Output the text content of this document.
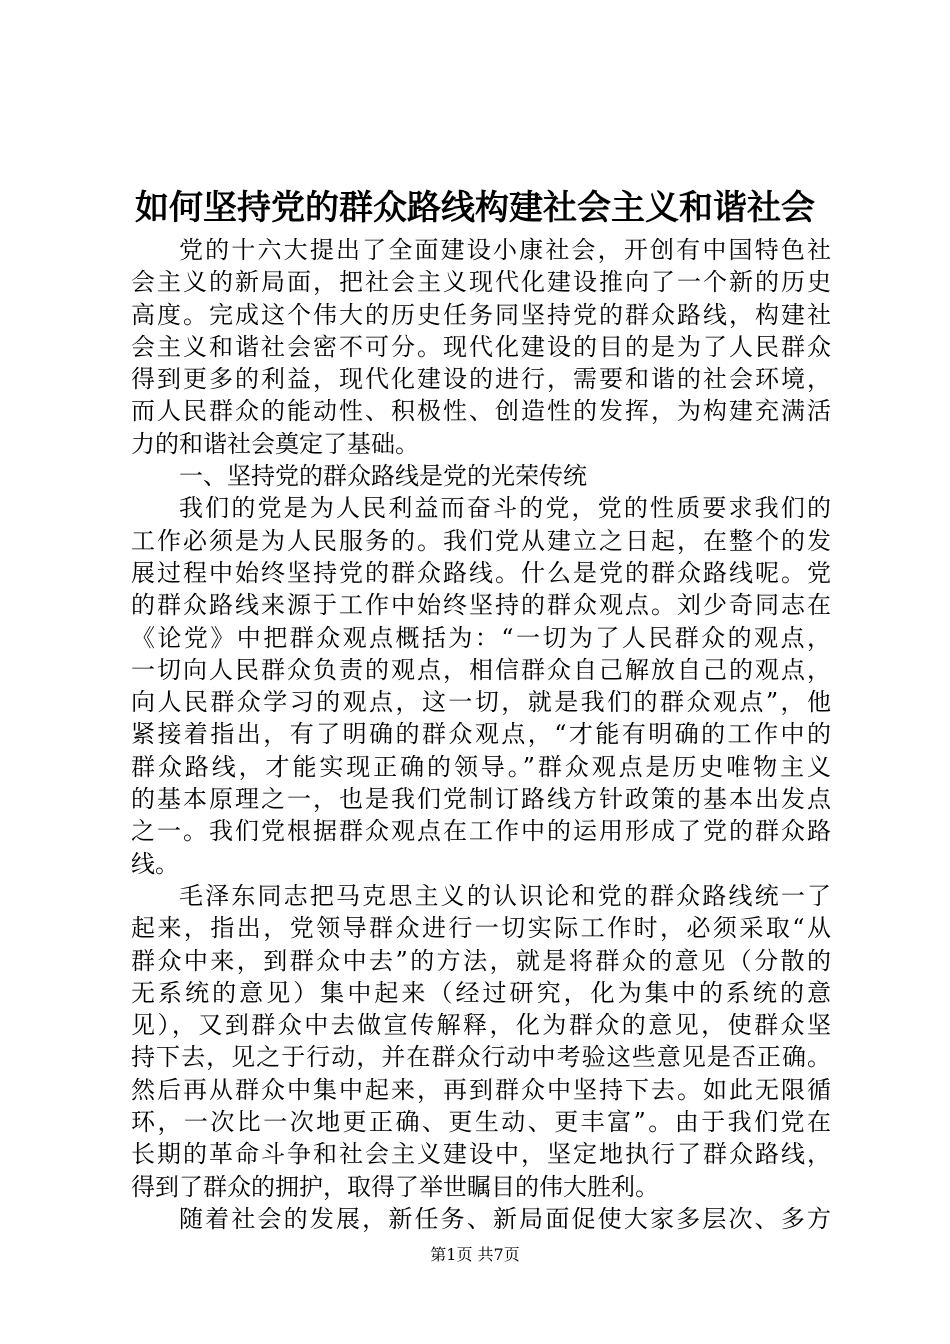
如何坚持党的群众路线构建社会主义和谐社会
党的十六大提出了全面建设小康社会，开创有中国特色社
会主义的新局面，把社会主义现代化建设推向了一个新的历史
高度。完成这个伟大的历史任务同坚持党的群众路线，构建社
会主义和谐社会密不可分。现代化建设的目的是为了人民群众
得到更多的利益，现代化建设的进行，需要和谐的社会环境，
而人民群众的能动性、积极性、创造性的发挥，为构建充满活
力的和谐社会奠定了基础。
一、坚持党的群众路线是党的光荣传统
我们的党是为人民利益而奋斗的党，党的性质要求我们的
工作必须是为人民服务的。我们党从建立之日起，在整个的发
展过程中始终坚持党的群众路线。什么是党的群众路线呢。党
的群众路线来源于工作中始终坚持的群众观点。刘少奇同志在
《论党》中把群众观点概括为：“一切为了人民群众的观点，
一切向人民群众负责的观点，相信群众自己解放自己的观点，
向人民群众学习的观点，这一切，就是我们的群众观点”，他
紧接着指出，有了明确的群众观点，“才能有明确的工作中的
群众路线，才能实现正确的领导。”群众观点是历史唯物主义
的基本原理之一，也是我们党制订路线方针政策的基本出发点
之一。我们党根据群众观点在工作中的运用形成了党的群众路
线。
毛泽东同志把马克思主义的认识论和党的群众路线统一了
起来，指出，党领导群众进行一切实际工作时，必须采取“从
群众中来，到群众中去”的方法，就是将群众的意见（分散的
无系统的意见）集中起来（经过研究，化为集中的系统的意
见），又到群众中去做宣传解释，化为群众的意见，使群众坚
持下去，见之于行动，并在群众行动中考验这些意见是否正确。
然后再从群众中集中起来，再到群众中坚持下去。如此无限循
环，一次比一次地更正确、更生动、更丰富”。由于我们党在
长期的革命斗争和社会主义建设中，坚定地执行了群众路线，
得到了群众的拥护，取得了举世瞩目的伟大胜利。
随着社会的发展，新任务、新局面促使大家多层次、多方
第1页 共7页
